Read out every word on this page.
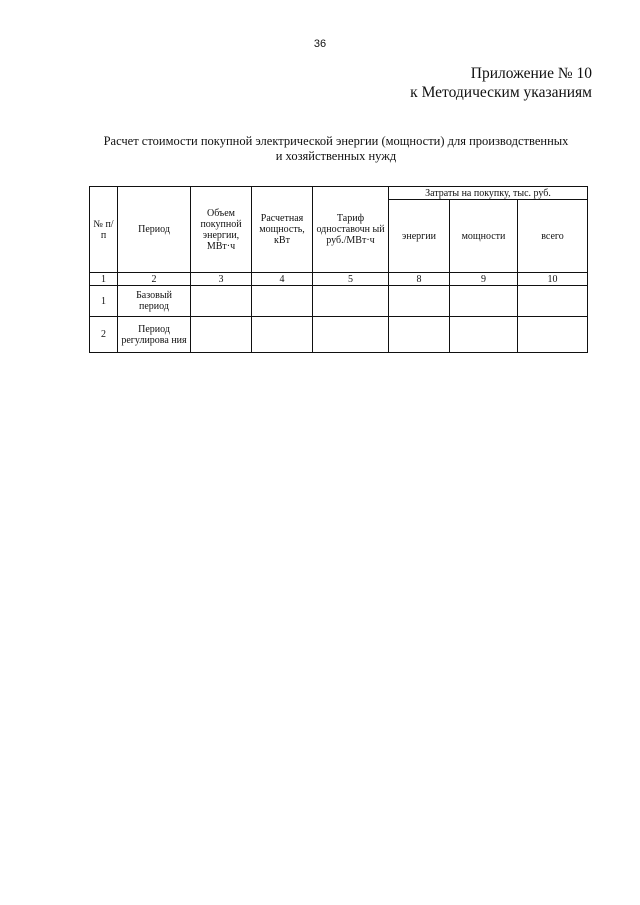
36
Приложение № 10
к Методическим указаниям
Расчет стоимости покупной электрической энергии (мощности) для производственных
и хозяйственных нужд
№ п/п	Период	Объем покупной энергии, МВт·ч	Расчетная мощность, кВт	Тариф одноставочн ый руб./МВт·ч	Затраты на покупку, тыс. руб.		
					энергии	мощности	всего
1	2	3	4	5	8	9	10
1	Базовый период						
2	Период регулирова ния						
